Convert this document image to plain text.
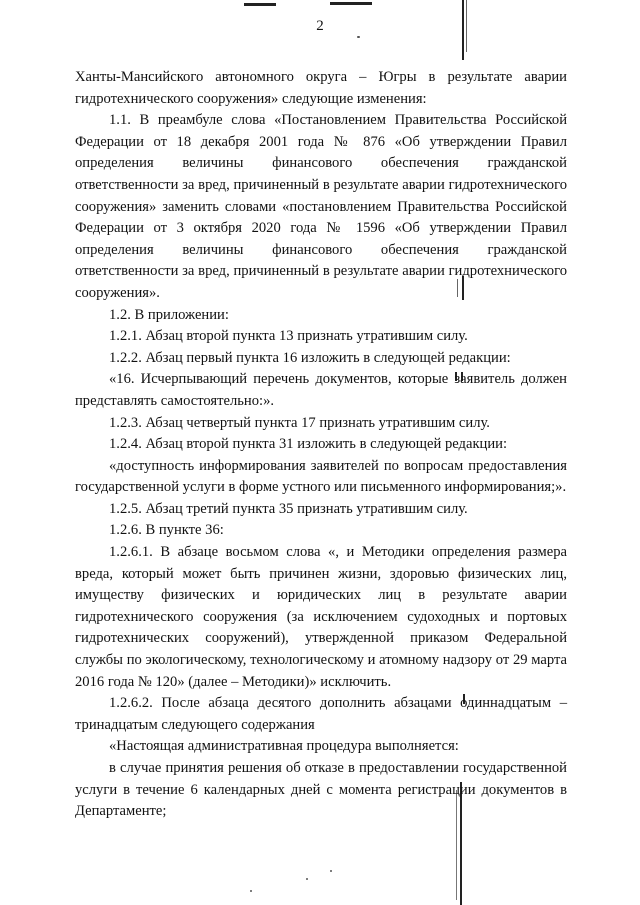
2

Ханты-Мансийского автономного округа – Югры в результате аварии гидротехнического сооружения» следующие изменения:

1.1. В преамбуле слова «Постановлением Правительства Российской Федерации от 18 декабря 2001 года № 876 «Об утверждении Правил определения величины финансового обеспечения гражданской ответственности за вред, причиненный в результате аварии гидротехнического сооружения» заменить словами «постановлением Правительства Российской Федерации от 3 октября 2020 года № 1596 «Об утверждении Правил определения величины финансового обеспечения гражданской ответственности за вред, причиненный в результате аварии гидротехнического сооружения».

1.2. В приложении:

1.2.1. Абзац второй пункта 13 признать утратившим силу.

1.2.2. Абзац первый пункта 16 изложить в следующей редакции:

«16. Исчерпывающий перечень документов, которые заявитель должен представлять самостоятельно:».

1.2.3. Абзац четвертый пункта 17 признать утратившим силу.

1.2.4. Абзац второй пункта 31 изложить в следующей редакции:

«доступность информирования заявителей по вопросам предоставления государственной услуги в форме устного или письменного информирования;».

1.2.5. Абзац третий пункта 35 признать утратившим силу.

1.2.6. В пункте 36:

1.2.6.1. В абзаце восьмом слова «, и Методики определения размера вреда, который может быть причинен жизни, здоровью физических лиц, имуществу физических и юридических лиц в результате аварии гидротехнического сооружения (за исключением судоходных и портовых гидротехнических сооружений), утвержденной приказом Федеральной службы по экологическому, технологическому и атомному надзору от 29 марта 2016 года № 120» (далее – Методики)» исключить.

1.2.6.2. После абзаца десятого дополнить абзацами одиннадцатым – тринадцатым следующего содержания

«Настоящая административная процедура выполняется:

в случае принятия решения об отказе в предоставлении государственной услуги в течение 6 календарных дней с момента регистрации документов в Департаменте;
